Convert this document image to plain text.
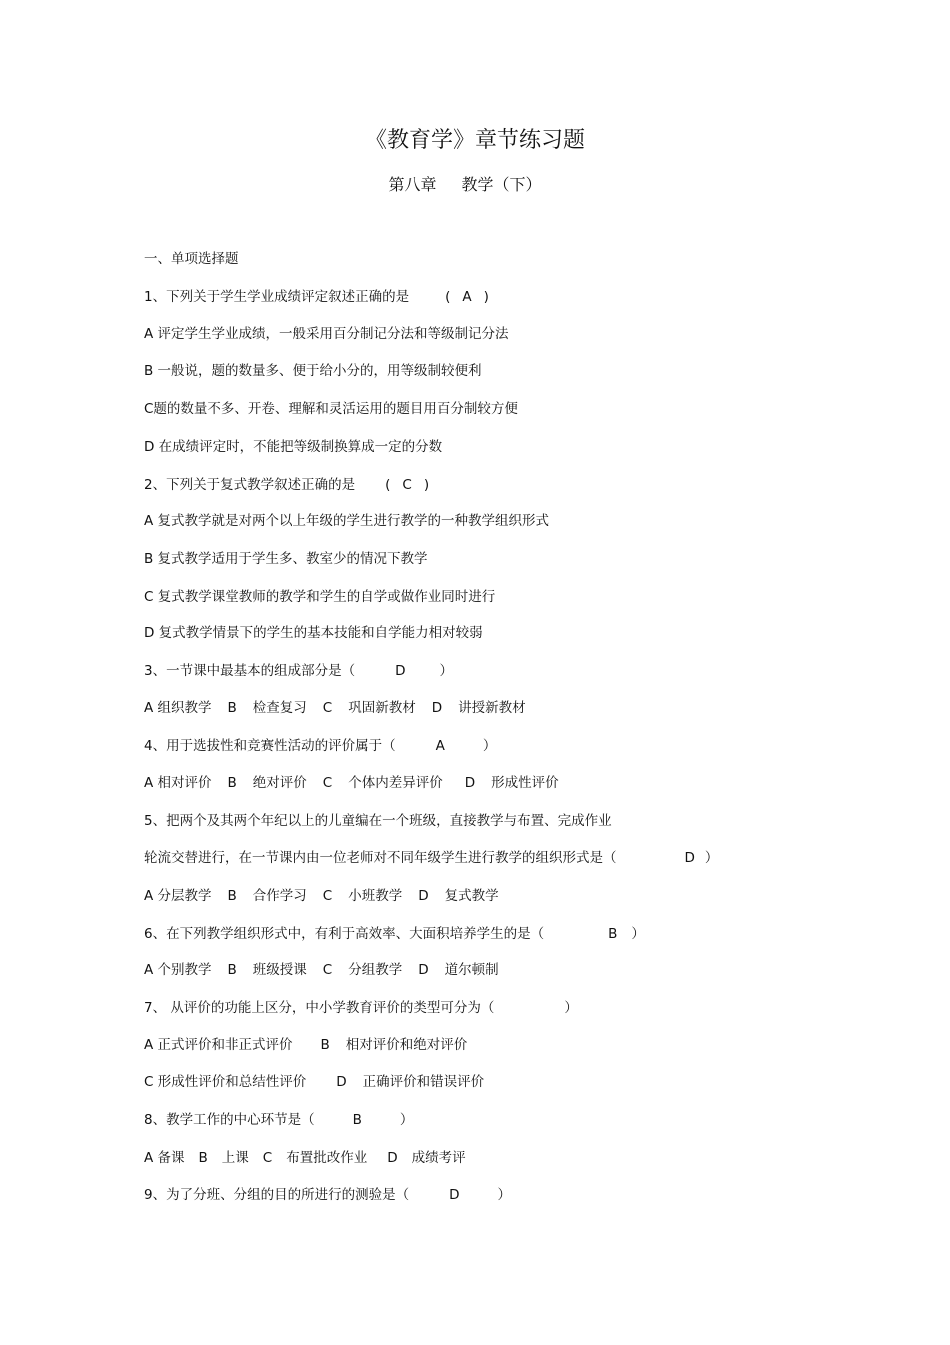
《教育学》章节练习题
第八章 教学（下）
一、单项选择题
1、下列关于学生学业成绩评定叙述正确的是	( A )
A 评定学生学业成绩，一般采用百分制记分法和等级制记分法
B 一般说，题的数量多、便于给小分的，用等级制较便利
C题的数量不多、开卷、理解和灵活运用的题目用百分制较方便
D 在成绩评定时，不能把等级制换算成一定的分数
2、下列关于复式教学叙述正确的是 ( C )
A 复式教学就是对两个以上年级的学生进行教学的一种教学组织形式
B 复式教学适用于学生多、教室少的情况下教学
C 复式教学课堂教师的教学和学生的自学或做作业同时进行
D 复式教学情景下的学生的基本技能和自学能力相对较弱
3、一节课中最基本的组成部分是（	D	）
A 组织教学 B 检查复习 C 巩固新教材 D 讲授新教材
4、用于选拔性和竞赛性活动的评价属于（	A	）
A 相对评价 B 绝对评价 C 个体内差异评价 D 形成性评价
5、把两个及其两个年纪以上的儿童编在一个班级，直接教学与布置、完成作业
轮流交替进行，在一节课内由一位老师对不同年级学生进行教学的组织形式是（	D ）
A 分层教学 B 合作学习 C 小班教学 D 复式教学
6、在下列教学组织形式中，有利于高效率、大面积培养学生的是（	B ）
A 个别教学 B 班级授课 C 分组教学 D 道尔顿制
7、 从评价的功能上区分，中小学教育评价的类型可分为（	）
A 正式评价和非正式评价 B 相对评价和绝对评价
C 形成性评价和总结性评价 D 正确评价和错误评价
8、教学工作的中心环节是（	B	）
A 备课 B 上课 C 布置批改作业 D 成绩考评
9、为了分班、分组的目的所进行的测验是（	D	）
